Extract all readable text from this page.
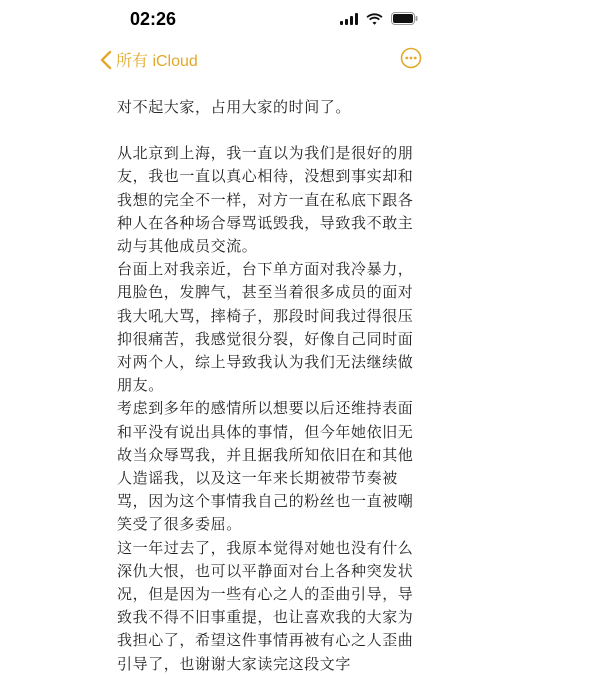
02:26
所有 iCloud

对不起大家，占用大家的时间了。

从北京到上海，我一直以为我们是很好的朋友，我也一直以真心相待，没想到事实却和我想的完全不一样，对方一直在私底下跟各种人在各种场合辱骂诋毁我，导致我不敢主动与其他成员交流。

台面上对我亲近，台下单方面对我冷暴力，甩脸色，发脾气，甚至当着很多成员的面对我大吼大骂，摔椅子，那段时间我过得很压抑很痛苦，我感觉很分裂，好像自己同时面对两个人，综上导致我认为我们无法继续做朋友。

考虑到多年的感情所以想要以后还维持表面和平没有说出具体的事情，但今年她依旧无故当众辱骂我，并且据我所知依旧在和其他人造谣我，以及这一年来长期被带节奏被骂，因为这个事情我自己的粉丝也一直被嘲笑受了很多委屈。

这一年过去了，我原本觉得对她也没有什么深仇大恨，也可以平静面对台上各种突发状况，但是因为一些有心之人的歪曲引导，导致我不得不旧事重提，也让喜欢我的大家为我担心了，希望这件事情再被有心之人歪曲引导了，也谢谢大家读完这段文字
